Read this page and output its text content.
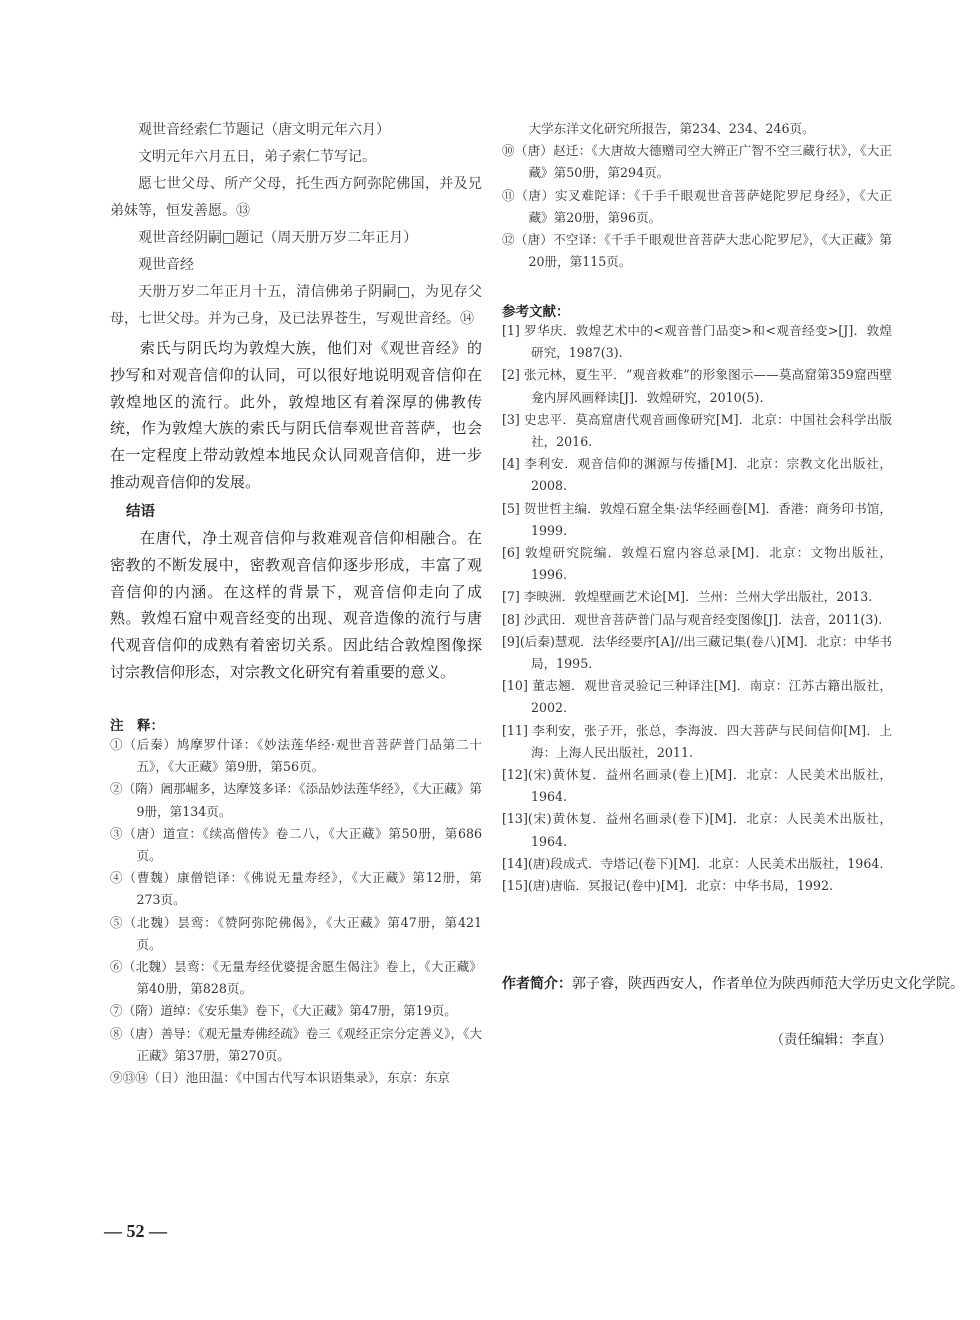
观世音经索仁节题记（唐文明元年六月）

文明元年六月五日，弟子索仁节写记。

愿七世父母、所产父母，托生西方阿弥陀佛国，并及兄弟妹等，恒发善愿。⑬

观世音经阴嗣□题记（周天册万岁二年正月）

观世音经

天册万岁二年正月十五，清信佛弟子阴嗣□，为见存父母，七世父母。并为己身，及已法界苍生，写观世音经。⑭

索氏与阴氏均为敦煌大族，他们对《观世音经》的抄写和对观音信仰的认同，可以很好地说明观音信仰在敦煌地区的流行。此外，敦煌地区有着深厚的佛教传统，作为敦煌大族的索氏与阴氏信奉观世音菩萨，也会在一定程度上带动敦煌本地民众认同观音信仰，进一步推动观音信仰的发展。

结语

在唐代，净土观音信仰与救难观音信仰相融合。在密教的不断发展中，密教观音信仰逐步形成，丰富了观音信仰的内涵。在这样的背景下，观音信仰走向了成熟。敦煌石窟中观音经变的出现、观音造像的流行与唐代观音信仰的成熟有着密切关系。因此结合敦煌图像探讨宗教信仰形态，对宗教文化研究有着重要的意义。

注　释：
①（后秦）鸠摩罗什译：《妙法莲华经·观世音菩萨普门品第二十五》，《大正藏》第9册，第56页。
②（隋）阇那崛多，达摩笈多译：《添品妙法莲华经》，《大正藏》第9册，第134页。
③（唐）道宣：《续高僧传》卷二八，《大正藏》第50册，第686页。
④（曹魏）康僧铠译：《佛说无量寿经》，《大正藏》第12册，第273页。
⑤（北魏）昙鸾：《赞阿弥陀佛偈》，《大正藏》第47册，第421页。
⑥（北魏）昙鸾：《无量寿经优婆提舍愿生偈注》卷上，《大正藏》第40册，第828页。
⑦（隋）道绰：《安乐集》卷下，《大正藏》第47册，第19页。
⑧（唐）善导：《观无量寿佛经疏》卷三《观经正宗分定善义》，《大正藏》第37册，第270页。
⑨⑬⑭（日）池田温：《中国古代写本识语集录》，东京：东京
大学东洋文化研究所报告，第234、234、246页。
⑩（唐）赵迁：《大唐故大德赠司空大辨正广智不空三藏行状》，《大正藏》第50册，第294页。
⑪（唐）实叉难陀译：《千手千眼观世音菩萨姥陀罗尼身经》，《大正藏》第20册，第96页。
⑫（唐）不空译：《千手千眼观世音菩萨大悲心陀罗尼》，《大正藏》第20册，第115页。
参考文献：
[1] 罗华庆．敦煌艺术中的<观音普门品变>和<观音经变>[J]．敦煌研究，1987(3).
[2] 张元林，夏生平．“观音救难”的形象图示——莫高窟第359窟西壁龛内屏风画释读[J]．敦煌研究，2010(5).
[3] 史忠平．莫高窟唐代观音画像研究[M]．北京：中国社会科学出版社，2016.
[4] 李利安．观音信仰的渊源与传播[M]．北京：宗教文化出版社，2008.
[5] 贺世哲主编．敦煌石窟全集·法华经画卷[M]．香港：商务印书馆，1999.
[6] 敦煌研究院编．敦煌石窟内容总录[M]．北京：文物出版社，1996.
[7] 李映洲．敦煌壁画艺术论[M]．兰州：兰州大学出版社，2013.
[8] 沙武田．观世音菩萨普门品与观音经变图像[J]．法音，2011(3).
[9](后秦)慧观．法华经要序[A]//出三藏记集(卷八)[M]．北京：中华书局，1995.
[10] 董志翘．观世音灵验记三种译注[M]．南京：江苏古籍出版社，2002.
[11] 李利安，张子开，张总，李海波．四大菩萨与民间信仰[M]．上海：上海人民出版社，2011.
[12](宋)黄休复．益州名画录(卷上)[M]．北京：人民美术出版社，1964.
[13](宋)黄休复．益州名画录(卷下)[M]．北京：人民美术出版社，1964.
[14](唐)段成式．寺塔记(卷下)[M]．北京：人民美术出版社，1964.
[15](唐)唐临．冥报记(卷中)[M]．北京：中华书局，1992.
作者简介：郭子睿，陕西西安人，作者单位为陕西师范大学历史文化学院。
（责任编辑：李直）
— 52 —
